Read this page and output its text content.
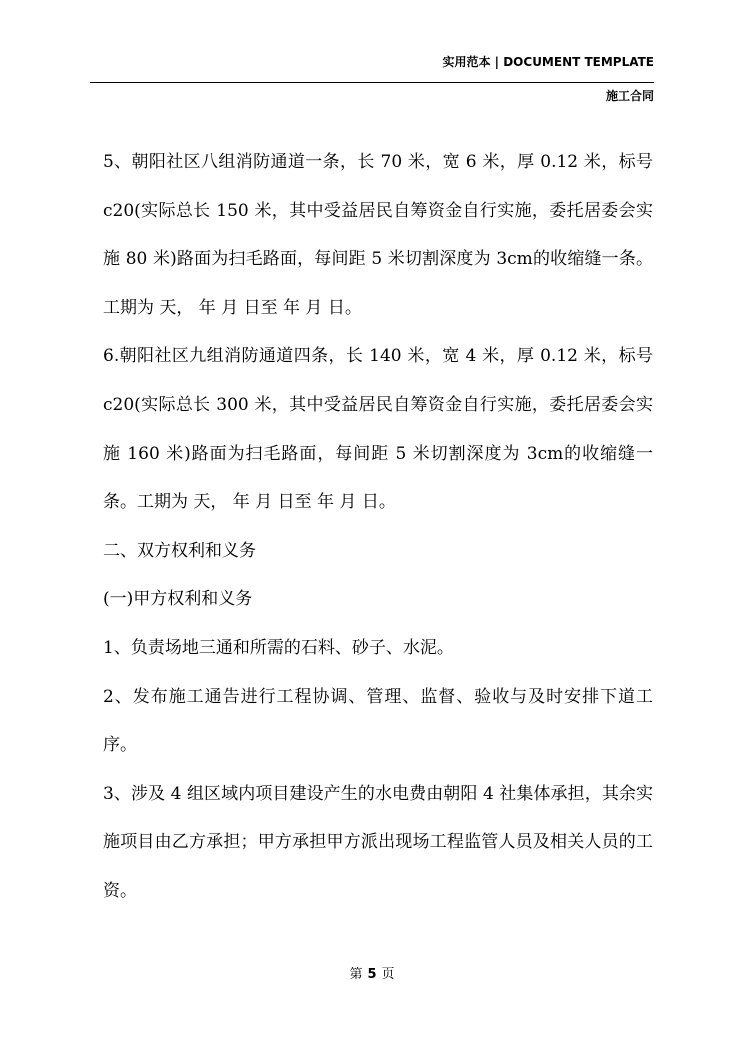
实用范本 | DOCUMENT TEMPLATE
施工合同

5、朝阳社区八组消防通道一条，长 70 米，宽 6 米，厚 0.12 米，标号 c20(实际总长 150 米，其中受益居民自筹资金自行实施，委托居委会实施 80 米)路面为扫毛路面，每间距 5 米切割深度为 3cm的收缩缝一条。工期为 天， 年 月 日至 年 月 日。

6.朝阳社区九组消防通道四条，长 140 米，宽 4 米，厚 0.12 米，标号 c20(实际总长 300 米，其中受益居民自筹资金自行实施，委托居委会实施 160 米)路面为扫毛路面，每间距 5 米切割深度为 3cm的收缩缝一条。工期为 天， 年 月 日至 年 月 日。

二、双方权利和义务

(一)甲方权利和义务

1、负责场地三通和所需的石料、砂子、水泥。

2、发布施工通告进行工程协调、管理、监督、验收与及时安排下道工序。

3、涉及 4 组区域内项目建设产生的水电费由朝阳 4 社集体承担，其余实施项目由乙方承担；甲方承担甲方派出现场工程监管人员及相关人员的工资。

第 5 页
